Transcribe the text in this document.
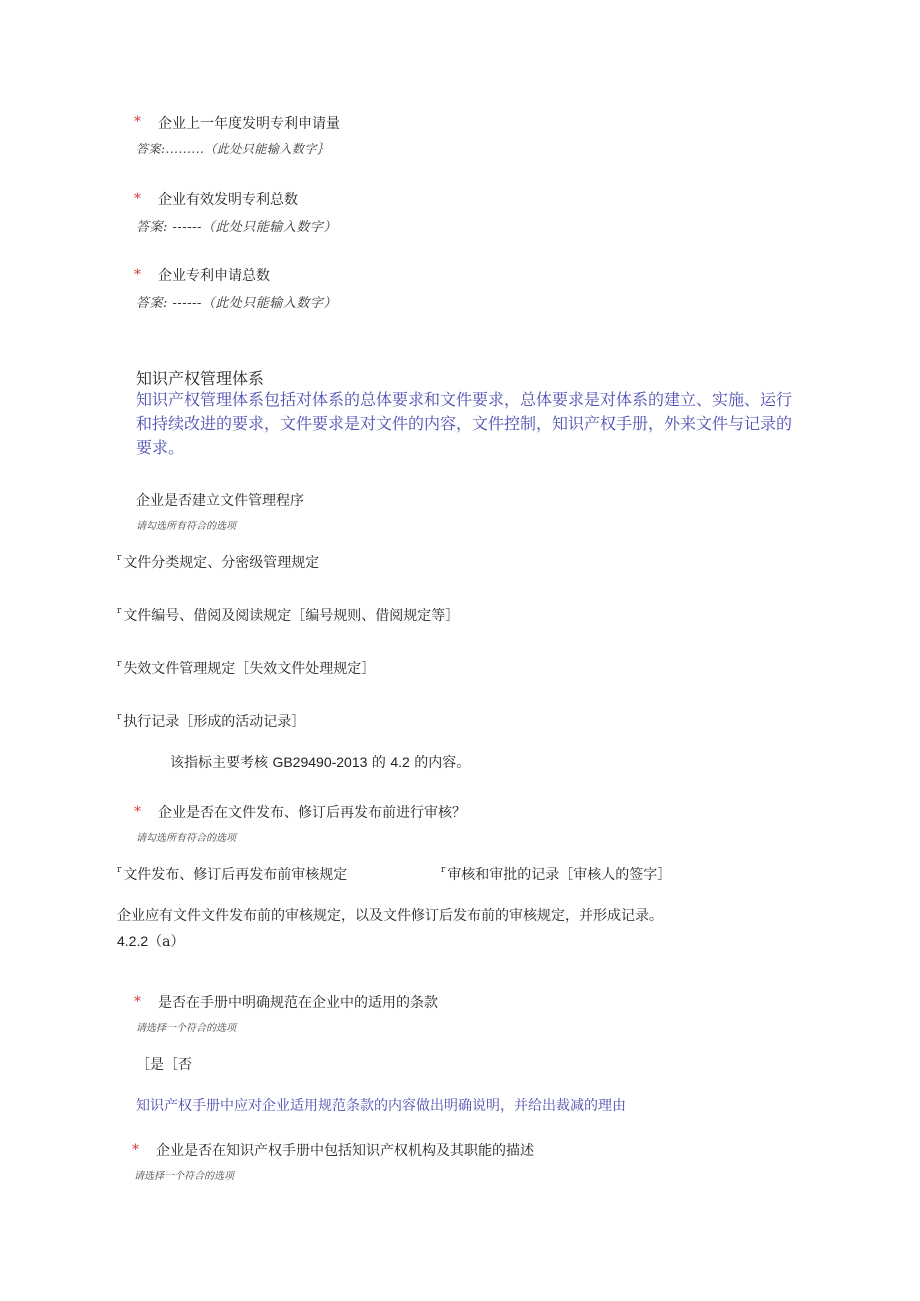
* 企业上一年度发明专利申请量
答案:.........（此处只能输入数字｝
* 企业有效发明专利总数
答案: ------（此处只能输入数字）
* 企业专利申请总数
答案: ------（此处只能输入数字）
知识产权管理体系
知识产权管理体系包括对体系的总体要求和文件要求，总体要求是对体系的建立、实施、运行和持续改进的要求，文件要求是对文件的内容，文件控制，知识产权手册，外来文件与记录的要求。
企业是否建立文件管理程序
请勾选所有符合的选项
$^r$ 文件分类规定、分密级管理规定
$^r$ 文件编号、借阅及阅读规定［编号规则、借阅规定等］
$^r$ 失效文件管理规定［失效文件处理规定］
$^r$ 执行记录［形成的活动记录］
该指标主要考核 GB29490-2013 的 4.2 的内容。
* 企业是否在文件发布、修订后再发布前进行审核？
请勾选所有符合的选项
$^r$ 文件发布、修订后再发布前审核规定	$^r$ 审核和审批的记录［审核人的签字］
企业应有文件文件发布前的审核规定，以及文件修订后发布前的审核规定，并形成记录。
4.2.2（a）
* 是否在手册中明确规范在企业中的适用的条款
请选择一个符合的选项
［是［否
知识产权手册中应对企业适用规范条款的内容做出明确说明，并给出裁减的理由
* 企业是否在知识产权手册中包括知识产权机构及其职能的描述
请选择一个符合的选项
